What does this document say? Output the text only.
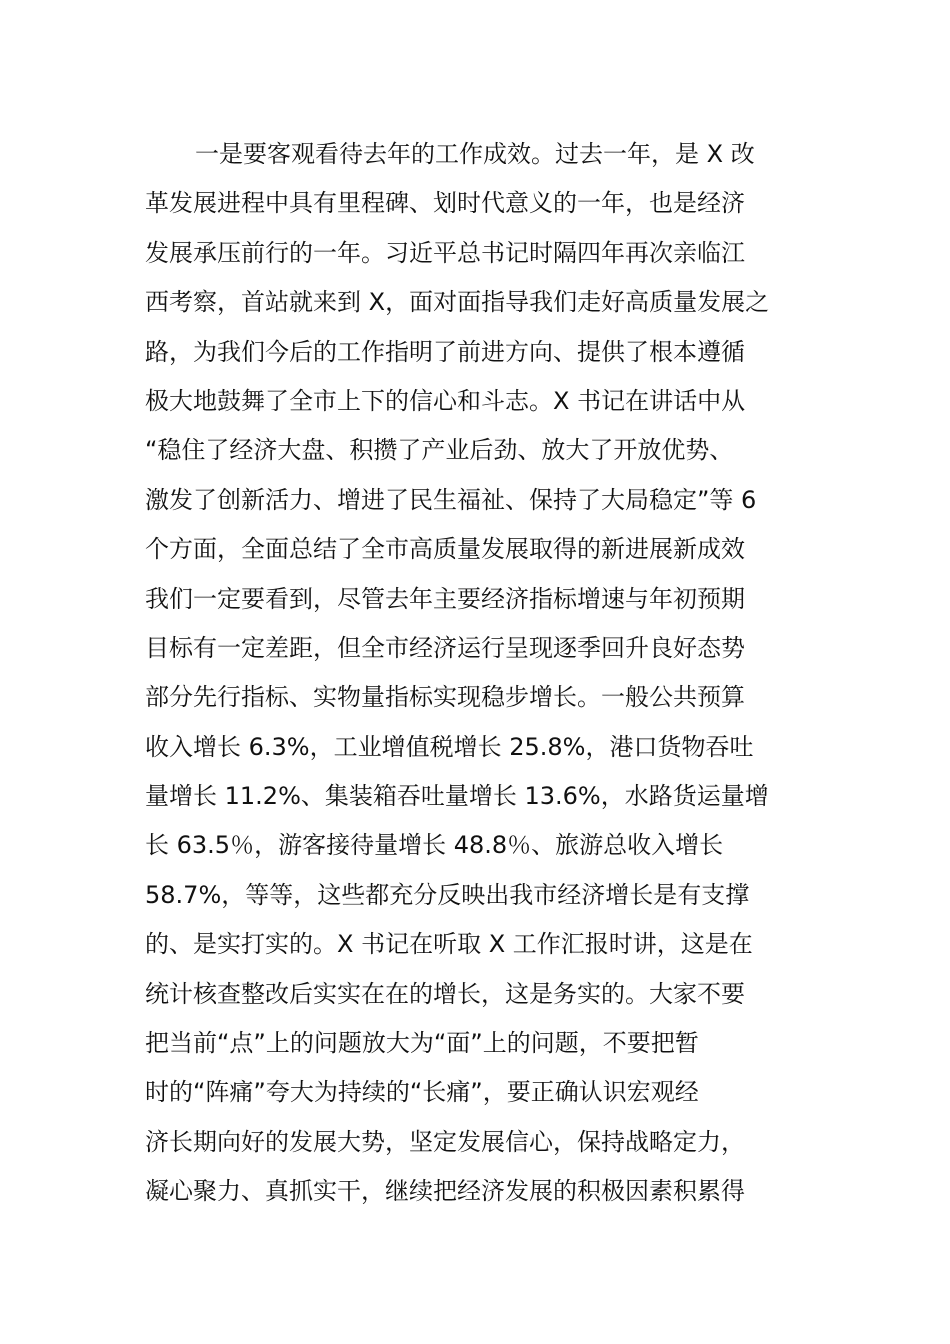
一是要客观看待去年的工作成效。过去一年，是 X 改
革发展进程中具有里程碑、划时代意义的一年，也是经济
发展承压前行的一年。习近平总书记时隔四年再次亲临江
西考察，首站就来到 X，面对面指导我们走好高质量发展之
路，为我们今后的工作指明了前进方向、提供了根本遵循
极大地鼓舞了全市上下的信心和斗志。X 书记在讲话中从
“稳住了经济大盘、积攒了产业后劲、放大了开放优势、
激发了创新活力、增进了民生福祉、保持了大局稳定”等 6
个方面，全面总结了全市高质量发展取得的新进展新成效
我们一定要看到，尽管去年主要经济指标增速与年初预期
目标有一定差距，但全市经济运行呈现逐季回升良好态势
部分先行指标、实物量指标实现稳步增长。一般公共预算
收入增长 6.3%，工业增值税增长 25.8%，港口货物吞吐
量增长 11.2%、集装箱吞吐量增长 13.6%，水路货运量增
长 63.5％，游客接待量增长 48.8％、旅游总收入增长
58.7%，等等，这些都充分反映出我市经济增长是有支撑
的、是实打实的。X 书记在听取 X 工作汇报时讲，这是在
统计核查整改后实实在在的增长，这是务实的。大家不要
把当前“点”上的问题放大为“面”上的问题，不要把暂
时的“阵痛”夸大为持续的“长痛”，要正确认识宏观经
济长期向好的发展大势，坚定发展信心，保持战略定力，
凝心聚力、真抓实干，继续把经济发展的积极因素积累得
